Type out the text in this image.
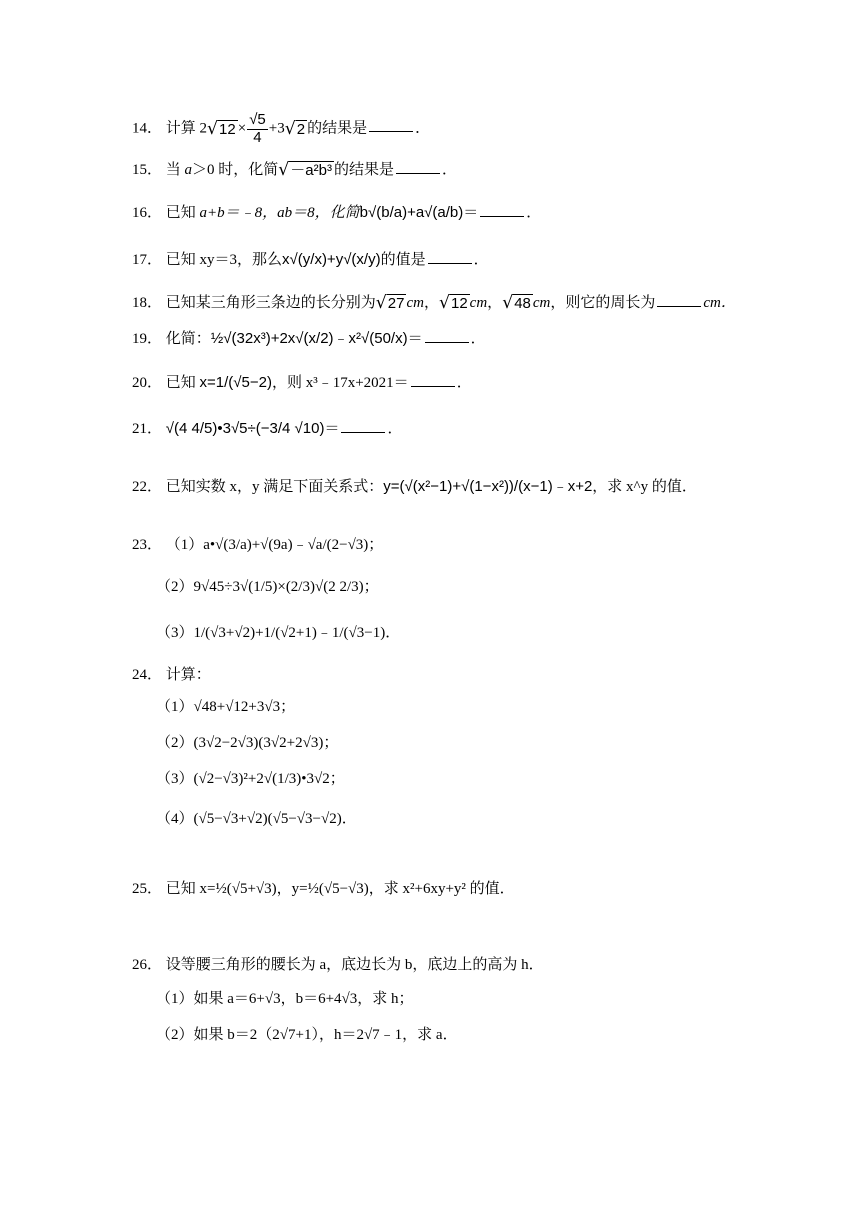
14． 计算 $2√12 \times \frac{√5}{4} +3√2$ 的结果是	．
15． 当 a＞0 时，化简√－a²b³ 的结果是	．
16． 已知 a+b＝﹣8，ab＝8，化简b√(b/a)+a√(a/b)＝	．
17． 已知 xy＝3，那么x√(y/x)+y√(x/y)的值是	．
18． 已知某三角形三条边的长分别为√27 cm，√12 cm，√48 cm，则它的周长为	cm．
19． 化简：½√(32x³)+2x√(x/2)﹣x²√(50/x)＝	．
20． 已知 x=1/(√5−2)，则 x³﹣17x+2021＝	．
21． √(4 4/5)•3√5÷(−3/4 √10)＝	．
22． 已知实数 x，y 满足下面关系式：y=(√(x²−1)+√(1−x²))/(x−1)﹣x+2，求 x^y 的值．
23． （1）a•√(3/a)+√(9a)﹣√a/(2−√3)；
（2）9√45÷3√(1/5)×(2/3)√(2 2/3)；
（3）1/(√3+√2)+1/(√2+1)﹣1/(√3−1)．
24． 计算：
（1）√48+√12+3√3；
（2）(3√2−2√3)(3√2+2√3)；
（3）(√2−√3)²+2√(1/3)•3√2；
（4）(√5−√3+√2)(√5−√3−√2)．
25． 已知 x=½(√5+√3)，y=½(√5−√3)，求 x²+6xy+y² 的值．
26． 设等腰三角形的腰长为 a，底边长为 b，底边上的高为 h．
（1）如果 a＝6+√3，b＝6+4√3，求 h；
（2）如果 b＝2（2√7+1），h＝2√7﹣1，求 a．
